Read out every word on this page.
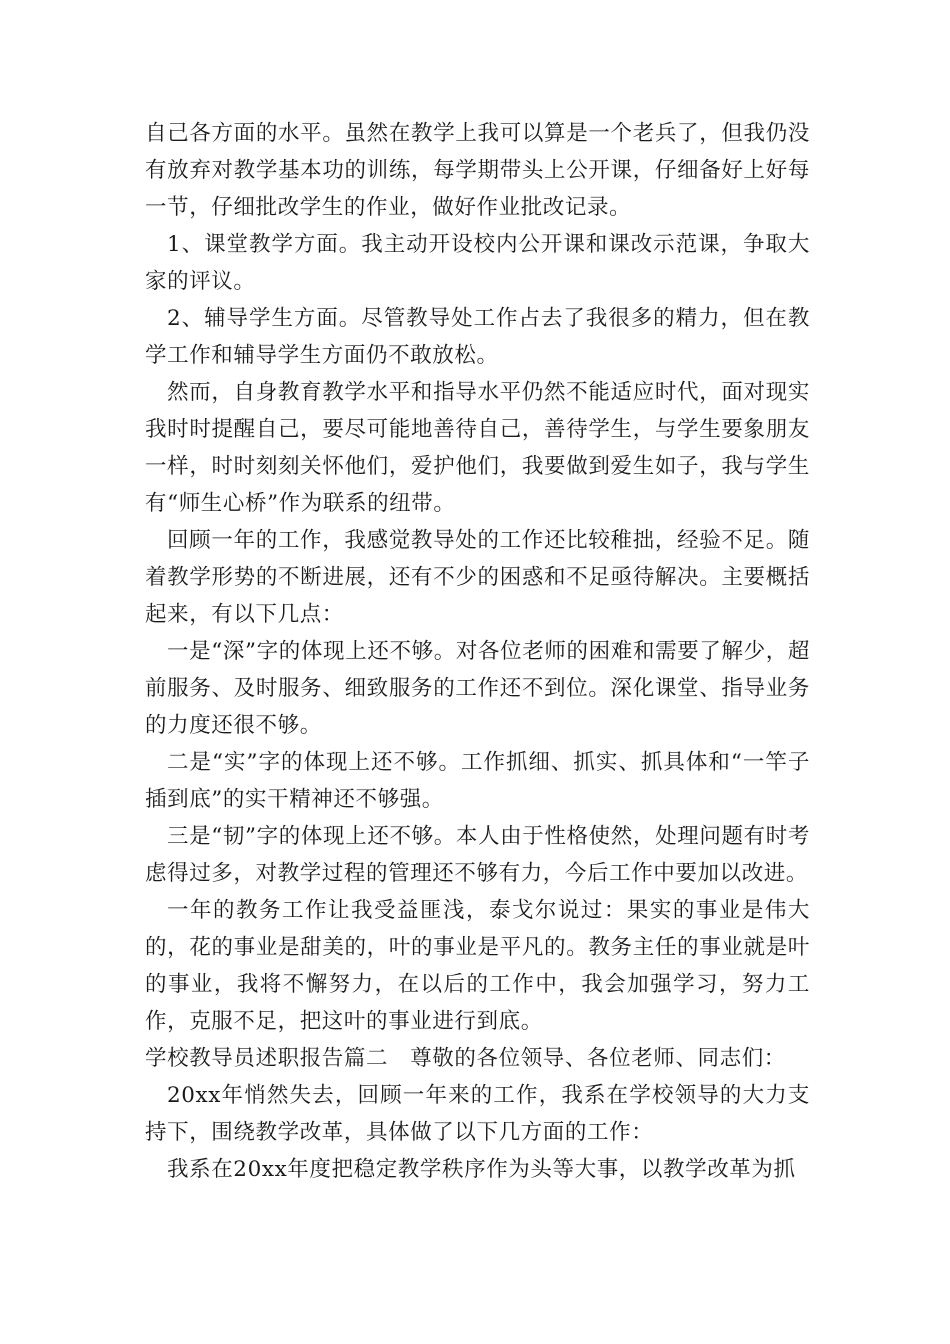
自己各方面的水平。虽然在教学上我可以算是一个老兵了，但我仍没有放弃对教学基本功的训练，每学期带头上公开课，仔细备好上好每一节，仔细批改学生的作业，做好作业批改记录。

1、课堂教学方面。我主动开设校内公开课和课改示范课，争取大家的评议。

2、辅导学生方面。尽管教导处工作占去了我很多的精力，但在教学工作和辅导学生方面仍不敢放松。

然而，自身教育教学水平和指导水平仍然不能适应时代，面对现实我时时提醒自己，要尽可能地善待自己，善待学生，与学生要象朋友一样，时时刻刻关怀他们，爱护他们，我要做到爱生如子，我与学生有“师生心桥”作为联系的纽带。

回顾一年的工作，我感觉教导处的工作还比较稚拙，经验不足。随着教学形势的不断进展，还有不少的困惑和不足亟待解决。主要概括起来，有以下几点：

一是“深”字的体现上还不够。对各位老师的困难和需要了解少，超前服务、及时服务、细致服务的工作还不到位。深化课堂、指导业务的力度还很不够。

二是“实”字的体现上还不够。工作抓细、抓实、抓具体和“一竿子插到底”的实干精神还不够强。

三是“韧”字的体现上还不够。本人由于性格使然，处理问题有时考虑得过多，对教学过程的管理还不够有力，今后工作中要加以改进。

一年的教务工作让我受益匪浅，泰戈尔说过：果实的事业是伟大的，花的事业是甜美的，叶的事业是平凡的。教务主任的事业就是叶的事业，我将不懈努力，在以后的工作中，我会加强学习，努力工作，克服不足，把这叶的事业进行到底。

学校教导员述职报告篇二　尊敬的各位领导、各位老师、同志们：

20xx年悄然失去，回顾一年来的工作，我系在学校领导的大力支持下，围绕教学改革，具体做了以下几方面的工作：

我系在20xx年度把稳定教学秩序作为头等大事，以教学改革为抓
